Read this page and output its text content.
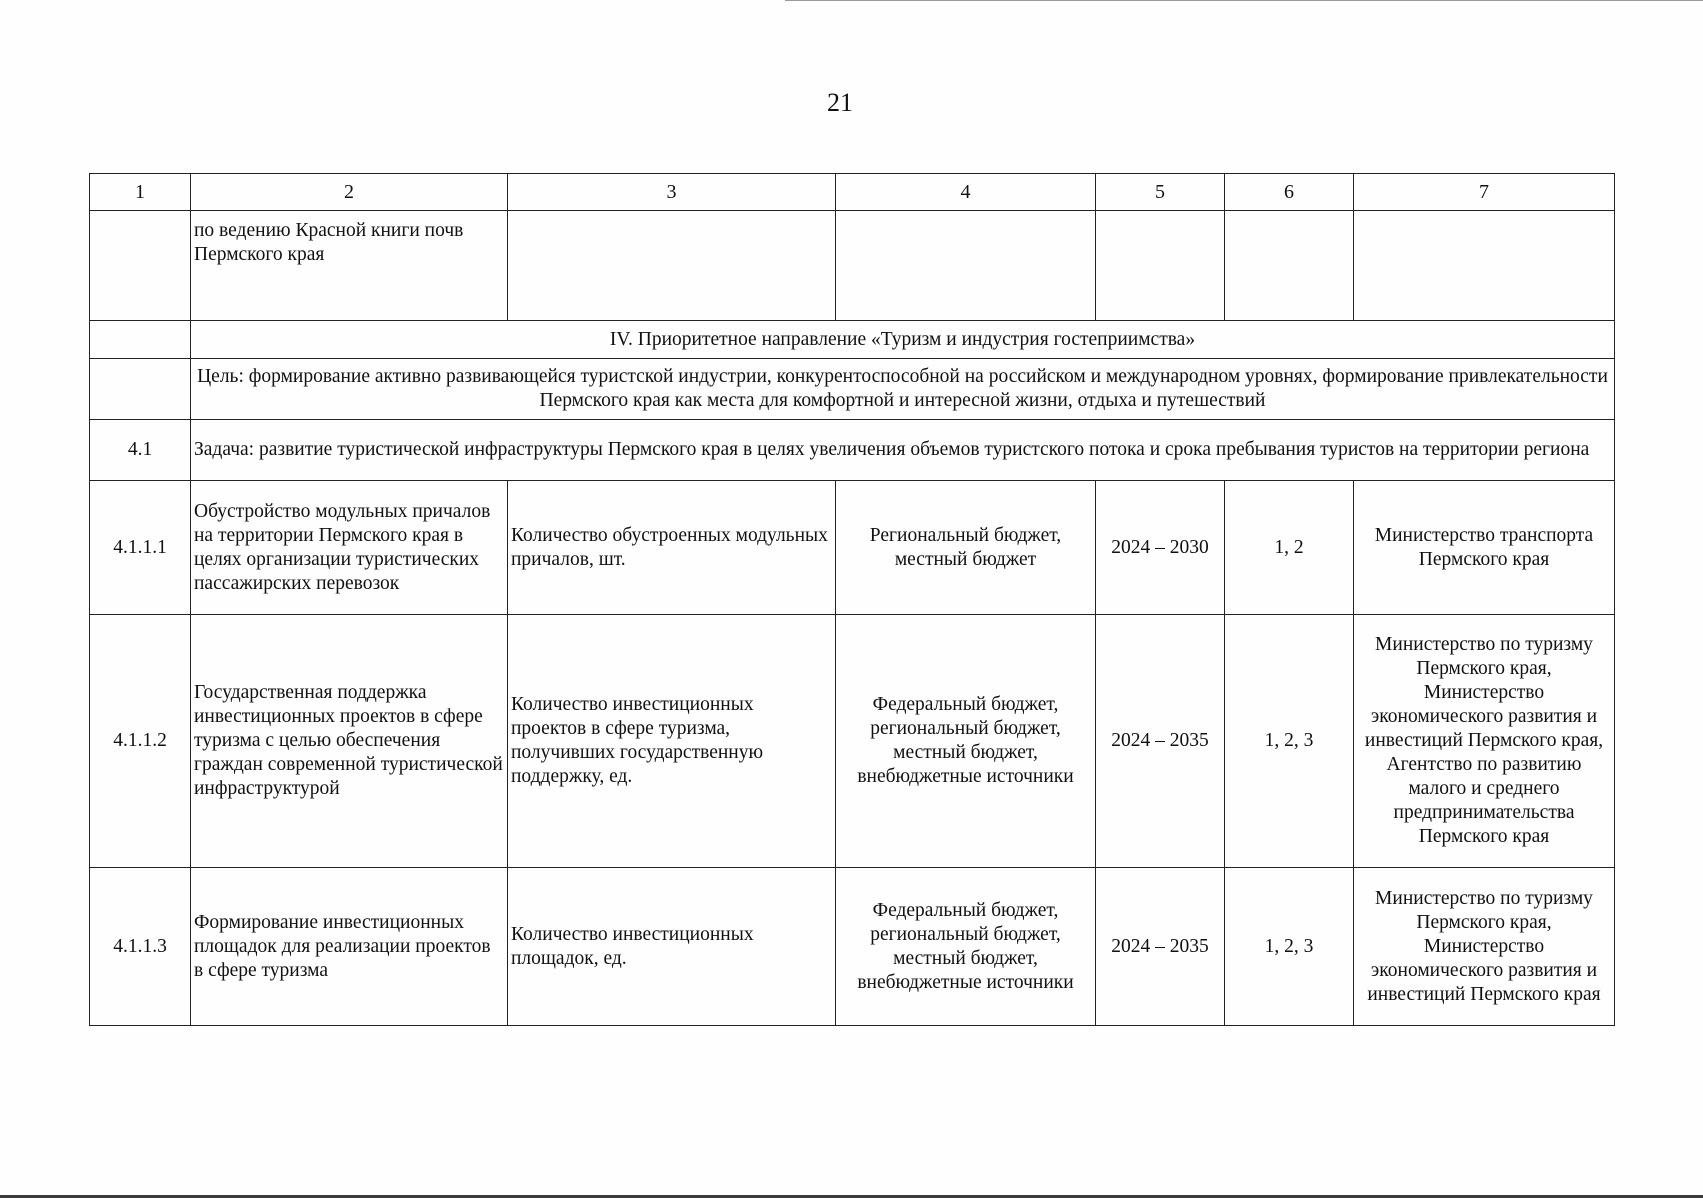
21
1	2	3	4	5	6	7
	по ведению Красной книги почв Пермского края					
	IV. Приоритетное направление «Туризм и индустрия гостеприимства»					
	Цель: формирование активно развивающейся туристской индустрии, конкурентоспособной на российском и международном уровнях, формирование привлекательности Пермского края как места для комфортной и интересной жизни, отдыха и путешествий					
4.1	Задача: развитие туристической инфраструктуры Пермского края в целях увеличения объемов туристского потока и срока пребывания туристов на территории региона					
4.1.1.1	Обустройство модульных причалов на территории Пермского края в целях организации туристических пассажирских перевозок	Количество обустроенных модульных причалов, шт.	Региональный бюджет, местный бюджет	2024 – 2030	1, 2	Министерство транспорта Пермского края
4.1.1.2	Государственная поддержка инвестиционных проектов в сфере туризма с целью обеспечения граждан современной туристической инфраструктурой	Количество инвестиционных проектов в сфере туризма, получивших государственную поддержку, ед.	Федеральный бюджет, региональный бюджет, местный бюджет, внебюджетные источники	2024 – 2035	1, 2, 3	Министерство по туризму Пермского края, Министерство экономического развития и инвестиций Пермского края, Агентство по развитию малого и среднего предпринимательства Пермского края
4.1.1.3	Формирование инвестиционных площадок для реализации проектов в сфере туризма	Количество инвестиционных площадок, ед.	Федеральный бюджет, региональный бюджет, местный бюджет, внебюджетные источники	2024 – 2035	1, 2, 3	Министерство по туризму Пермского края, Министерство экономического развития и инвестиций Пермского края
